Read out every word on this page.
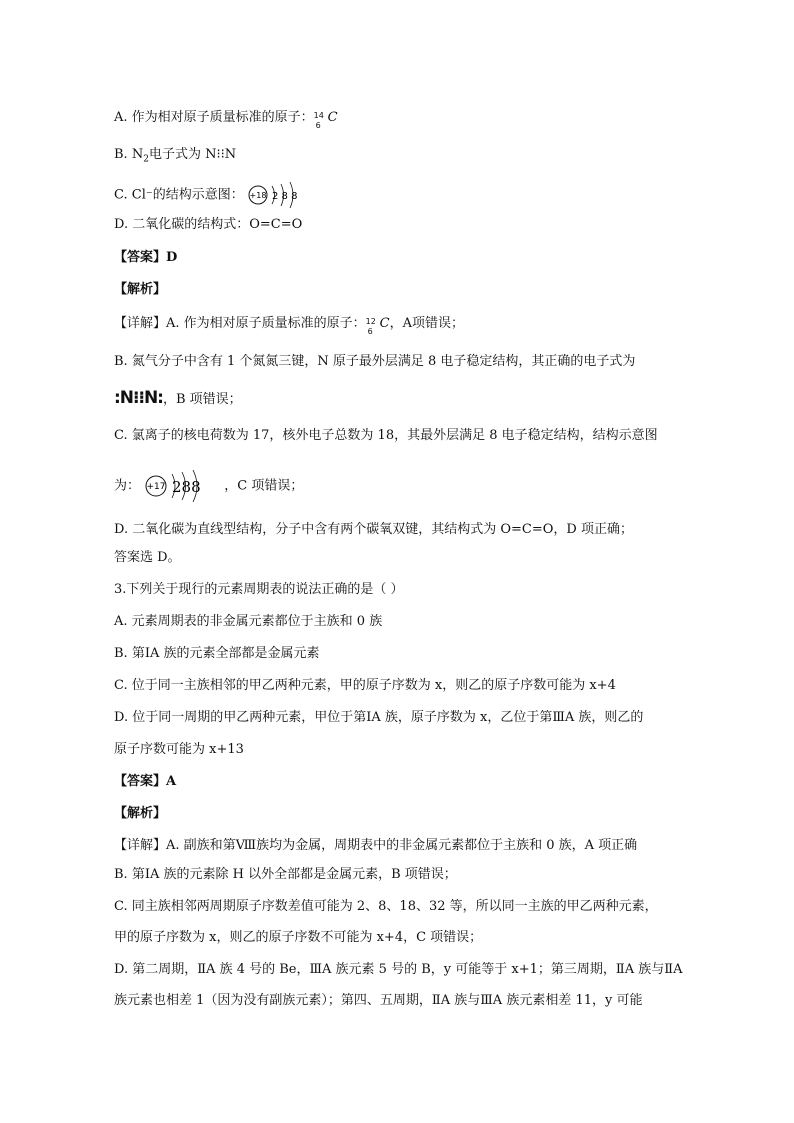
A. 作为相对原子质量标准的原子： 14
6
C
B. $N_2$电子式为 N⁝⁝N
C. Cl⁻的结构示意图： +18 2 8 8
D. 二氧化碳的结构式：O=C=O
【答案】D
【解析】
【详解】A. 作为相对原子质量标准的原子： 12
6
C，A项错误；
B. 氮气分子中含有 1 个氮氮三键，N 原子最外层满足 8 电子稳定结构，其正确的电子式为
:N⁝⁝N:，B 项错误；
C. 氯离子的核电荷数为 17，核外电子总数为 18，其最外层满足 8 电子稳定结构，结构示意图
为： +17 288 ，C 项错误；
D. 二氧化碳为直线型结构，分子中含有两个碳氧双键，其结构式为 O=C=O，D 项正确；
答案选 D。
3.下列关于现行的元素周期表的说法正确的是（ ）
A. 元素周期表的非金属元素都位于主族和 0 族
B. 第ⅠA 族的元素全部都是金属元素
C. 位于同一主族相邻的甲乙两种元素，甲的原子序数为 x，则乙的原子序数可能为 x+4
D. 位于同一周期的甲乙两种元素，甲位于第ⅠA 族，原子序数为 x，乙位于第ⅢA 族，则乙的
原子序数可能为 x+13
【答案】A
【解析】
【详解】A. 副族和第Ⅷ族均为金属，周期表中的非金属元素都位于主族和 0 族，A 项正确
B. 第ⅠA 族的元素除 H 以外全部都是金属元素，B 项错误；
C. 同主族相邻两周期原子序数差值可能为 2、8、18、32 等，所以同一主族的甲乙两种元素，
甲的原子序数为 x，则乙的原子序数不可能为 x+4，C 项错误；
D. 第二周期，ⅡA 族 4 号的 Be，ⅢA 族元素 5 号的 B，y 可能等于 x+1；第三周期，ⅡA 族与ⅡA
族元素也相差 1（因为没有副族元素）；第四、五周期，ⅡA 族与ⅢA 族元素相差 11，y 可能
